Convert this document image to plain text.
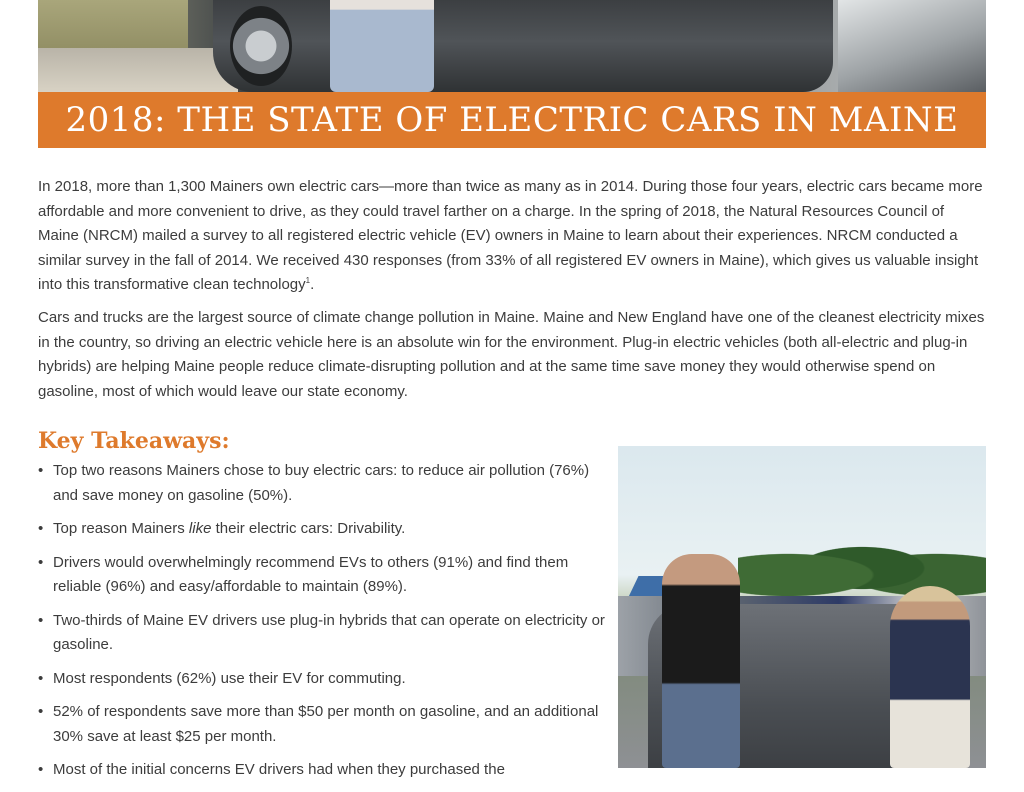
2018: THE STATE OF ELECTRIC CARS IN MAINE

In 2018, more than 1,300 Mainers own electric cars—more than twice as many as in 2014. During those four years, electric cars became more affordable and more convenient to drive, as they could travel farther on a charge. In the spring of 2018, the Natural Resources Council of Maine (NRCM) mailed a survey to all registered electric vehicle (EV) owners in Maine to learn about their experiences. NRCM conducted a similar survey in the fall of 2014. We received 430 responses (from 33% of all registered EV owners in Maine), which gives us valuable insight into this transformative clean technology$^1$.

Cars and trucks are the largest source of climate change pollution in Maine. Maine and New England have one of the cleanest electricity mixes in the country, so driving an electric vehicle here is an absolute win for the environment. Plug-in electric vehicles (both all-electric and plug-in hybrids) are helping Maine people reduce climate-disrupting pollution and at the same time save money they would otherwise spend on gasoline, most of which would leave our state economy.

Key Takeaways:
• Top two reasons Mainers chose to buy electric cars: to reduce air pollution (76%) and save money on gasoline (50%).
• Top reason Mainers like their electric cars: Drivability.
• Drivers would overwhelmingly recommend EVs to others (91%) and find them reliable (96%) and easy/affordable to maintain (89%).
• Two-thirds of Maine EV drivers use plug-in hybrids that can operate on electricity or gasoline.
• Most respondents (62%) use their EV for commuting.
• 52% of respondents save more than $50 per month on gasoline, and an additional 30% save at least $25 per month.
• Most of the initial concerns EV drivers had when they purchased the
